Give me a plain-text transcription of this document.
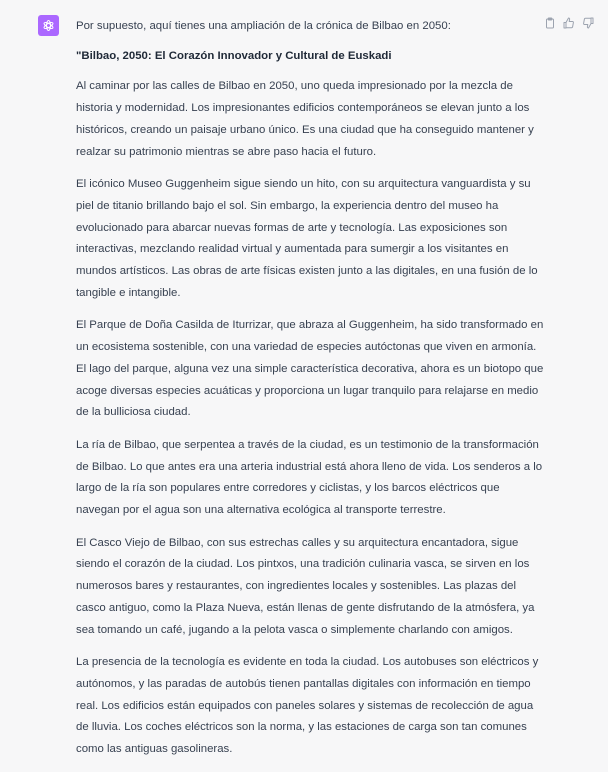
Por supuesto, aquí tienes una ampliación de la crónica de Bilbao en 2050:

"Bilbao, 2050: El Corazón Innovador y Cultural de Euskadi

Al caminar por las calles de Bilbao en 2050, uno queda impresionado por la mezcla de historia y modernidad. Los impresionantes edificios contemporáneos se elevan junto a los históricos, creando un paisaje urbano único. Es una ciudad que ha conseguido mantener y realzar su patrimonio mientras se abre paso hacia el futuro.

El icónico Museo Guggenheim sigue siendo un hito, con su arquitectura vanguardista y su piel de titanio brillando bajo el sol. Sin embargo, la experiencia dentro del museo ha evolucionado para abarcar nuevas formas de arte y tecnología. Las exposiciones son interactivas, mezclando realidad virtual y aumentada para sumergir a los visitantes en mundos artísticos. Las obras de arte físicas existen junto a las digitales, en una fusión de lo tangible e intangible.

El Parque de Doña Casilda de Iturrizar, que abraza al Guggenheim, ha sido transformado en un ecosistema sostenible, con una variedad de especies autóctonas que viven en armonía. El lago del parque, alguna vez una simple característica decorativa, ahora es un biotopo que acoge diversas especies acuáticas y proporciona un lugar tranquilo para relajarse en medio de la bulliciosa ciudad.

La ría de Bilbao, que serpentea a través de la ciudad, es un testimonio de la transformación de Bilbao. Lo que antes era una arteria industrial está ahora lleno de vida. Los senderos a lo largo de la ría son populares entre corredores y ciclistas, y los barcos eléctricos que navegan por el agua son una alternativa ecológica al transporte terrestre.

El Casco Viejo de Bilbao, con sus estrechas calles y su arquitectura encantadora, sigue siendo el corazón de la ciudad. Los pintxos, una tradición culinaria vasca, se sirven en los numerosos bares y restaurantes, con ingredientes locales y sostenibles. Las plazas del casco antiguo, como la Plaza Nueva, están llenas de gente disfrutando de la atmósfera, ya sea tomando un café, jugando a la pelota vasca o simplemente charlando con amigos.

La presencia de la tecnología es evidente en toda la ciudad. Los autobuses son eléctricos y autónomos, y las paradas de autobús tienen pantallas digitales con información en tiempo real. Los edificios están equipados con paneles solares y sistemas de recolección de agua de lluvia. Los coches eléctricos son la norma, y las estaciones de carga son tan comunes como las antiguas gasolineras.
